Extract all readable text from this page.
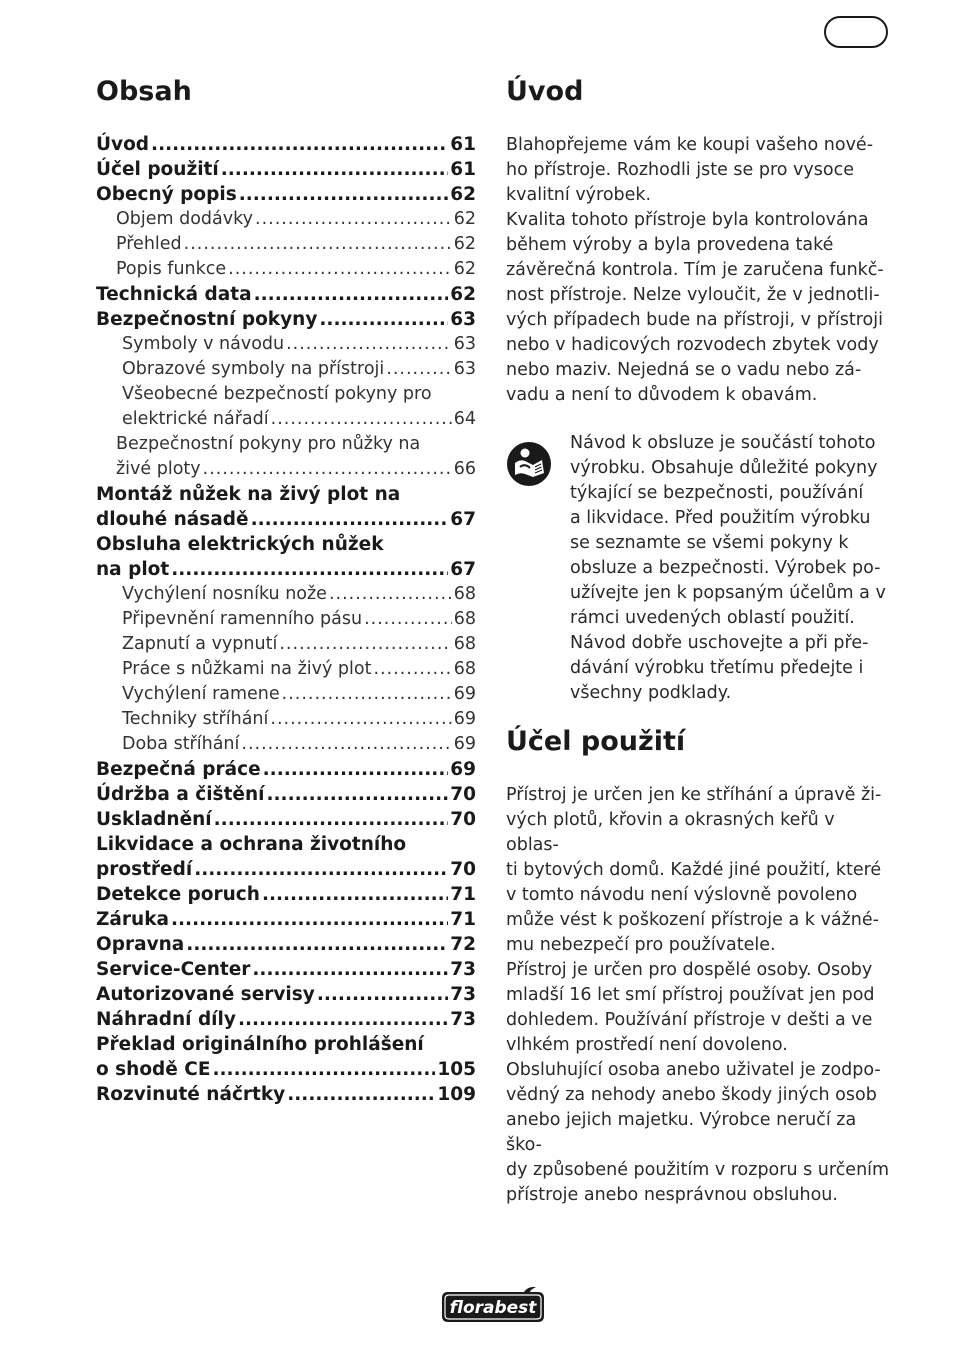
Obsah
Úvod .....	61
Účel použití .....	61
Obecný popis .....	62
Objem dodávky .....	62
Přehled .....	62
Popis funkce .....	62
Technická data .....	62
Bezpečnostní pokyny .....	63
Symboly v návodu .....	63
Obrazové symboly na přístroji .....	63
Všeobecné bezpečností pokyny pro
elektrické nářadí .....	64
Bezpečnostní pokyny pro nůžky na
živé ploty .....	66
Montáž nůžek na živý plot na
dlouhé násadě .....	67
Obsluha elektrických nůžek
na plot .....	67
Vychýlení nosníku nože .....	68
Připevnění ramenního pásu .....	68
Zapnutí a vypnutí .....	68
Práce s nůžkami na živý plot .....	68
Vychýlení ramene .....	69
Techniky stříhání .....	69
Doba stříhání .....	69
Bezpečná práce .....	69
Údržba a čištění .....	70
Uskladnění .....	70
Likvidace a ochrana životního
prostředí .....	70
Detekce poruch .....	71
Záruka .....	71
Opravna .....	72
Service-Center .....	73
Autorizované servisy .....	73
Náhradní díly .....	73
Překlad originálního prohlášení
o shodě CE .....	105
Rozvinuté náčrtky .....	109
Úvod
Blahopřejeme vám ke koupi vašeho nové-
ho přístroje. Rozhodli jste se pro vysoce
kvalitní výrobek.
Kvalita tohoto přístroje byla kontrolována
během výroby a byla provedena také
závěrečná kontrola. Tím je zaručena funkč-
nost přístroje. Nelze vyloučit, že v jednotli-
vých případech bude na přístroji, v přístroji
nebo v hadicových rozvodech zbytek vody
nebo maziv. Nejedná se o vadu nebo zá-
vadu a není to důvodem k obavám.
Návod k obsluze je součástí tohoto
výrobku. Obsahuje důležité pokyny
týkající se bezpečnosti, používání
a likvidace. Před použitím výrobku
se seznamte se všemi pokyny k
obsluze a bezpečnosti. Výrobek po-
užívejte jen k popsaným účelům a v
rámci uvedených oblastí použití.
Návod dobře uschovejte a při pře-
dávání výrobku třetímu předejte i
všechny podklady.
Účel použití
Přístroj je určen jen ke stříhání a úpravě ži-
vých plotů, křovin a okrasných keřů v oblas-
ti bytových domů. Každé jiné použití, které
v tomto návodu není výslovně povoleno
může vést k poškození přístroje a k vážné-
mu nebezpečí pro používatele.
Přístroj je určen pro dospělé osoby. Osoby
mladší 16 let smí přístroj používat jen pod
dohledem. Používání přístroje v dešti a ve
vlhkém prostředí není dovoleno.
Obsluhující osoba anebo uživatel je zodpo-
vědný za nehody anebo škody jiných osob
anebo jejich majetku. Výrobce neručí za ško-
dy způsobené použitím v rozporu s určením
přístroje anebo nesprávnou obsluhou.
florabest
